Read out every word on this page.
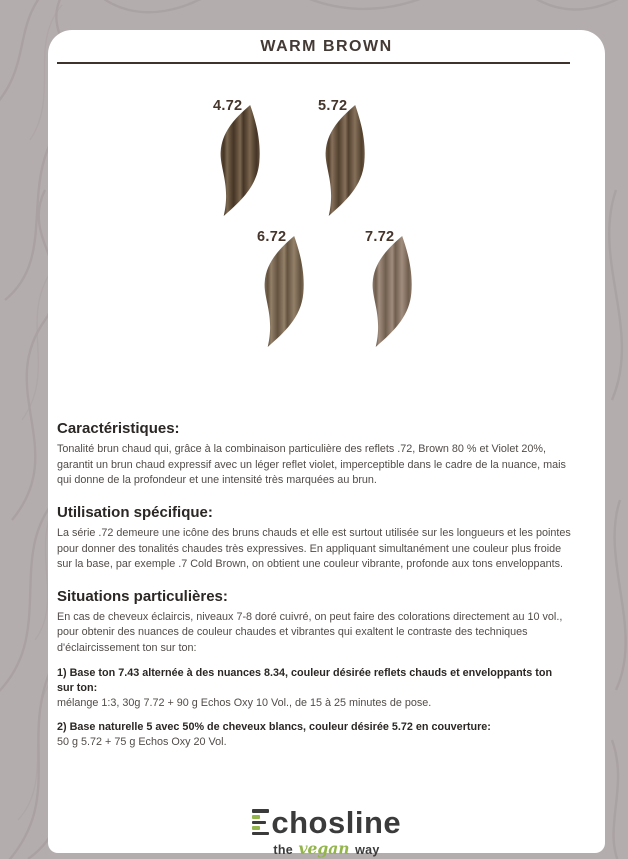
WARM BROWN
4.72	5.72
6.72	7.72

Caractéristiques:

Tonalité brun chaud qui, grâce à la combinaison particulière des reflets .72, Brown 80 % et Violet 20%, garantit un brun chaud expressif avec un léger reflet violet, imperceptible dans le cadre de la nuance, mais qui donne de la profondeur et une intensité très marquées au brun.

Utilisation spécifique:

La série .72 demeure une icône des bruns chauds et elle est surtout utilisée sur les longueurs et les pointes pour donner des tonalités chaudes très expressives. En appliquant simultanément une couleur plus froide sur la base, par exemple .7 Cold Brown, on obtient une couleur vibrante, profonde aux tons enveloppants.

Situations particulières:

En cas de cheveux éclaircis, niveaux 7-8 doré cuivré, on peut faire des colorations directement au 10 vol., pour obtenir des nuances de couleur chaudes et vibrantes qui exaltent le contraste des techniques d'éclaircissement ton sur ton:

1) Base ton 7.43 alternée à des nuances 8.34, couleur désirée reflets chauds et enveloppants ton sur ton:

mélange 1:3, 30g 7.72 + 90 g Echos Oxy 10 Vol., de 15 à 25 minutes de pose.

2) Base naturelle 5 avec 50% de cheveux blancs, couleur désirée 5.72 en couverture:

50 g 5.72 + 75 g Echos Oxy 20 Vol.

chosline
the vegan way
